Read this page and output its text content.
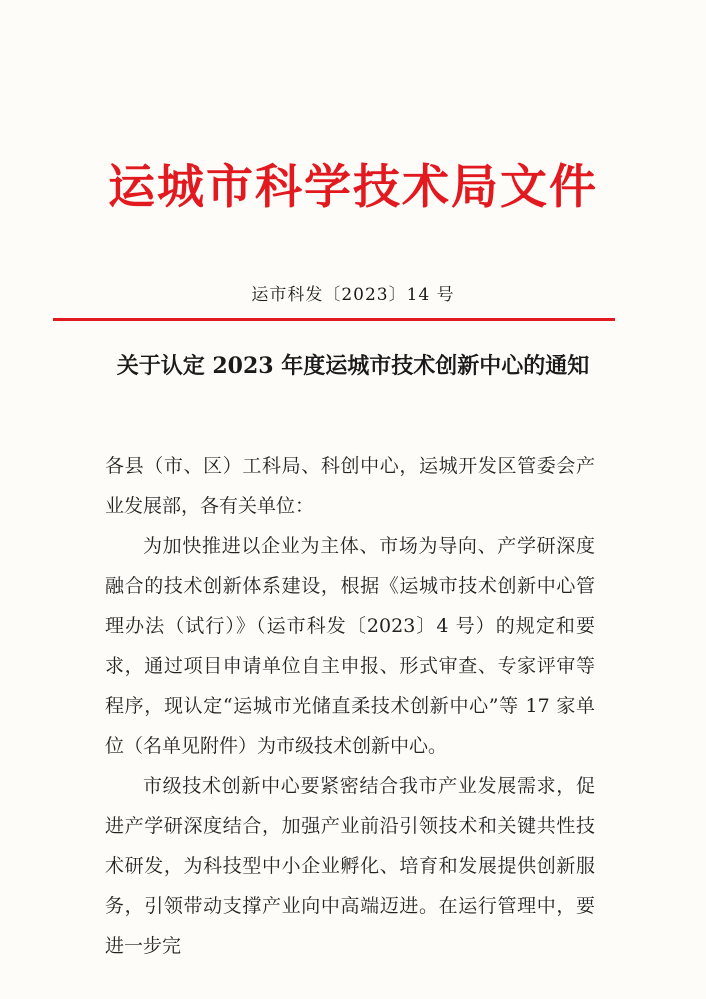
运城市科学技术局文件
运市科发〔2023〕14 号
关于认定 2023 年度运城市技术创新中心的通知

各县（市、区）工科局、科创中心，运城开发区管委会产业发展部，各有关单位：

为加快推进以企业为主体、市场为导向、产学研深度融合的技术创新体系建设，根据《运城市技术创新中心管理办法（试行）》（运市科发〔2023〕4 号）的规定和要求，通过项目申请单位自主申报、形式审查、专家评审等程序，现认定“运城市光储直柔技术创新中心”等 17 家单位（名单见附件）为市级技术创新中心。

市级技术创新中心要紧密结合我市产业发展需求，促进产学研深度结合，加强产业前沿引领技术和关键共性技术研发，为科技型中小企业孵化、培育和发展提供创新服务，引领带动支撑产业向中高端迈进。在运行管理中，要进一步完
